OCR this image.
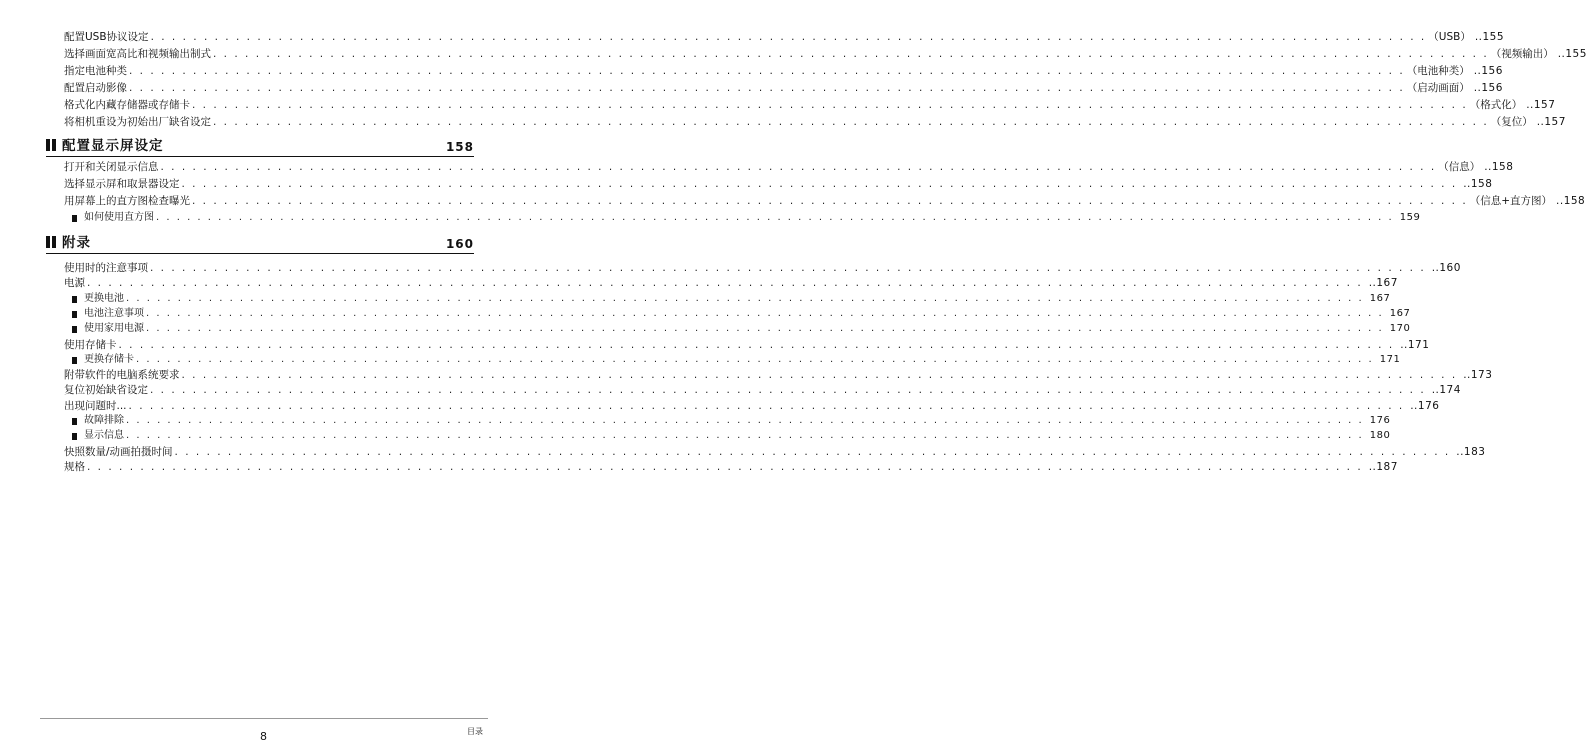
配置USB协议设定 . . . . . . . . . . . . . . . . . . . . . . . . . . . . . . . . . . . . . . . . . . . . . . . . . . . . . . . . . . . . . . . . . . . . . . . . . . . . . . . . . . . . . . . . . . . . . . . . . . . . . . . . . . . . . . . . . . . . . . . . （USB） ..155
选择画面宽高比和视频输出制式 . . . . . . . . . . . . . . . . . . . . . . . . . . . . . . . . . . . . . . . . . . . . . . . . . . . . . . . . . . . . . . . . . . . . . . . . . . . . . . . . . . . . . . . . . . . . . . . . . . . . . . . . . . . . . . . . . . . . . . . . （视频输出） ..155
指定电池种类 . . . . . . . . . . . . . . . . . . . . . . . . . . . . . . . . . . . . . . . . . . . . . . . . . . . . . . . . . . . . . . . . . . . . . . . . . . . . . . . . . . . . . . . . . . . . . . . . . . . . . . . . . . . . . . . . . . . . . . . . （电池种类） ..156
配置启动影像 . . . . . . . . . . . . . . . . . . . . . . . . . . . . . . . . . . . . . . . . . . . . . . . . . . . . . . . . . . . . . . . . . . . . . . . . . . . . . . . . . . . . . . . . . . . . . . . . . . . . . . . . . . . . . . . . . . . . . . . . （启动画面） ..156
格式化内藏存储器或存储卡 . . . . . . . . . . . . . . . . . . . . . . . . . . . . . . . . . . . . . . . . . . . . . . . . . . . . . . . . . . . . . . . . . . . . . . . . . . . . . . . . . . . . . . . . . . . . . . . . . . . . . . . . . . . . . . . . . . . . . . . . （格式化） ..157
将相机重设为初始出厂缺省设定 . . . . . . . . . . . . . . . . . . . . . . . . . . . . . . . . . . . . . . . . . . . . . . . . . . . . . . . . . . . . . . . . . . . . . . . . . . . . . . . . . . . . . . . . . . . . . . . . . . . . . . . . . . . . . . . . . . . . . . . . （复位） ..157
配置显示屏设定	158
打开和关闭显示信息 . . . . . . . . . . . . . . . . . . . . . . . . . . . . . . . . . . . . . . . . . . . . . . . . . . . . . . . . . . . . . . . . . . . . . . . . . . . . . . . . . . . . . . . . . . . . . . . . . . . . . . . . . . . . . . . . . . . . . . . . （信息） ..158
选择显示屏和取景器设定 . . . . . . . . . . . . . . . . . . . . . . . . . . . . . . . . . . . . . . . . . . . . . . . . . . . . . . . . . . . . . . . . . . . . . . . . . . . . . . . . . . . . . . . . . . . . . . . . . . . . . . . . . . . . . . . . . . . . . . . . ..158
用屏幕上的直方图检查曝光 . . . . . . . . . . . . . . . . . . . . . . . . . . . . . . . . . . . . . . . . . . . . . . . . . . . . . . . . . . . . . . . . . . . . . . . . . . . . . . . . . . . . . . . . . . . . . . . . . . . . . . . . . . . . . . . . . . . . . . . . （信息+直方图） ..158
如何使用直方图 . . . . . . . . . . . . . . . . . . . . . . . . . . . . . . . . . . . . . . . . . . . . . . . . . . . . . . . . . . . . . . . . . . . . . . . . . . . . . . . . . . . . . . . . . . . . . . . . . . . . . . . . . . . . . . . . . . . . . . . . 159
附录	160
使用时的注意事项 . . . . . . . . . . . . . . . . . . . . . . . . . . . . . . . . . . . . . . . . . . . . . . . . . . . . . . . . . . . . . . . . . . . . . . . . . . . . . . . . . . . . . . . . . . . . . . . . . . . . . . . . . . . . . . . . . . . . . . . . ..160
电源 . . . . . . . . . . . . . . . . . . . . . . . . . . . . . . . . . . . . . . . . . . . . . . . . . . . . . . . . . . . . . . . . . . . . . . . . . . . . . . . . . . . . . . . . . . . . . . . . . . . . . . . . . . . . . . . . . . . . . . . . ..167
更换电池 . . . . . . . . . . . . . . . . . . . . . . . . . . . . . . . . . . . . . . . . . . . . . . . . . . . . . . . . . . . . . . . . . . . . . . . . . . . . . . . . . . . . . . . . . . . . . . . . . . . . . . . . . . . . . . . . . . . . . . . . 167
电池注意事项 . . . . . . . . . . . . . . . . . . . . . . . . . . . . . . . . . . . . . . . . . . . . . . . . . . . . . . . . . . . . . . . . . . . . . . . . . . . . . . . . . . . . . . . . . . . . . . . . . . . . . . . . . . . . . . . . . . . . . . . . 167
使用家用电源 . . . . . . . . . . . . . . . . . . . . . . . . . . . . . . . . . . . . . . . . . . . . . . . . . . . . . . . . . . . . . . . . . . . . . . . . . . . . . . . . . . . . . . . . . . . . . . . . . . . . . . . . . . . . . . . . . . . . . . . . 170
使用存储卡 . . . . . . . . . . . . . . . . . . . . . . . . . . . . . . . . . . . . . . . . . . . . . . . . . . . . . . . . . . . . . . . . . . . . . . . . . . . . . . . . . . . . . . . . . . . . . . . . . . . . . . . . . . . . . . . . . . . . . . . . ..171
更换存储卡 . . . . . . . . . . . . . . . . . . . . . . . . . . . . . . . . . . . . . . . . . . . . . . . . . . . . . . . . . . . . . . . . . . . . . . . . . . . . . . . . . . . . . . . . . . . . . . . . . . . . . . . . . . . . . . . . . . . . . . . . 171
附带软件的电脑系统要求 . . . . . . . . . . . . . . . . . . . . . . . . . . . . . . . . . . . . . . . . . . . . . . . . . . . . . . . . . . . . . . . . . . . . . . . . . . . . . . . . . . . . . . . . . . . . . . . . . . . . . . . . . . . . . . . . . . . . . . . . ..173
复位初始缺省设定 . . . . . . . . . . . . . . . . . . . . . . . . . . . . . . . . . . . . . . . . . . . . . . . . . . . . . . . . . . . . . . . . . . . . . . . . . . . . . . . . . . . . . . . . . . . . . . . . . . . . . . . . . . . . . . . . . . . . . . . . ..174
出现问题时... . . . . . . . . . . . . . . . . . . . . . . . . . . . . . . . . . . . . . . . . . . . . . . . . . . . . . . . . . . . . . . . . . . . . . . . . . . . . . . . . . . . . . . . . . . . . . . . . . . . . . . . . . . . . . . . . . . . . . . . . ..176
故障排除 . . . . . . . . . . . . . . . . . . . . . . . . . . . . . . . . . . . . . . . . . . . . . . . . . . . . . . . . . . . . . . . . . . . . . . . . . . . . . . . . . . . . . . . . . . . . . . . . . . . . . . . . . . . . . . . . . . . . . . . . 176
显示信息 . . . . . . . . . . . . . . . . . . . . . . . . . . . . . . . . . . . . . . . . . . . . . . . . . . . . . . . . . . . . . . . . . . . . . . . . . . . . . . . . . . . . . . . . . . . . . . . . . . . . . . . . . . . . . . . . . . . . . . . . 180
快照数量/动画拍摄时间 . . . . . . . . . . . . . . . . . . . . . . . . . . . . . . . . . . . . . . . . . . . . . . . . . . . . . . . . . . . . . . . . . . . . . . . . . . . . . . . . . . . . . . . . . . . . . . . . . . . . . . . . . . . . . . . . . . . . . . . . ..183
规格 . . . . . . . . . . . . . . . . . . . . . . . . . . . . . . . . . . . . . . . . . . . . . . . . . . . . . . . . . . . . . . . . . . . . . . . . . . . . . . . . . . . . . . . . . . . . . . . . . . . . . . . . . . . . . . . . . . . . . . . . ..187
8	目录
